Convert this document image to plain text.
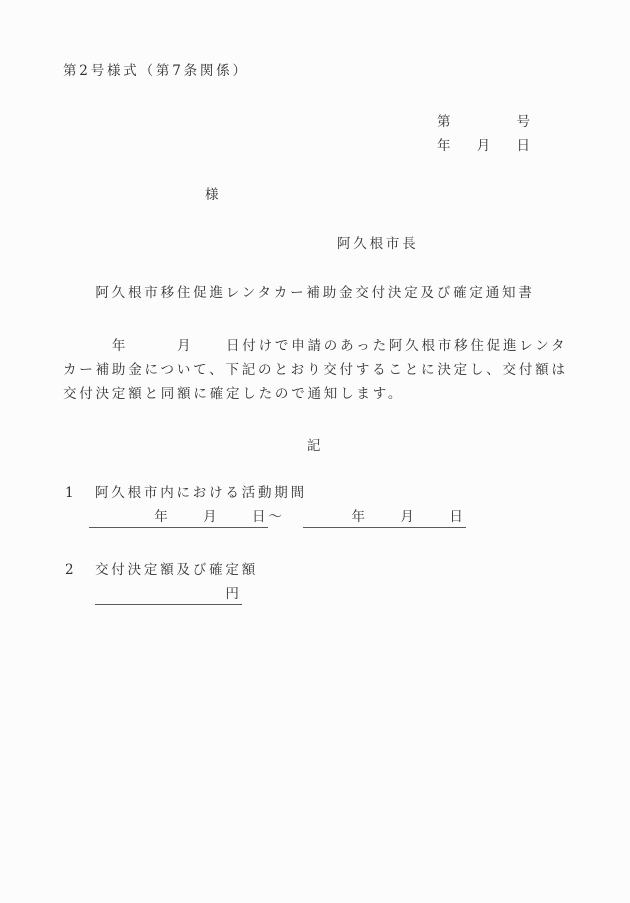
第2号様式（第7条関係）
第	号
年 月 日
様
阿久根市長
阿久根市移住促進レンタカー補助金交付決定及び確定通知書
　　　年　　　月　　日付けで申請のあった阿久根市移住促進レンタ
カー補助金について、下記のとおり交付することに決定し、交付額は
交付決定額と同額に確定したので通知します。
記
1 阿久根市内における活動期間
　　　　年　　月　　日～　　　年　　月　　日
2 交付決定額及び確定額
　　　　　　　　円
